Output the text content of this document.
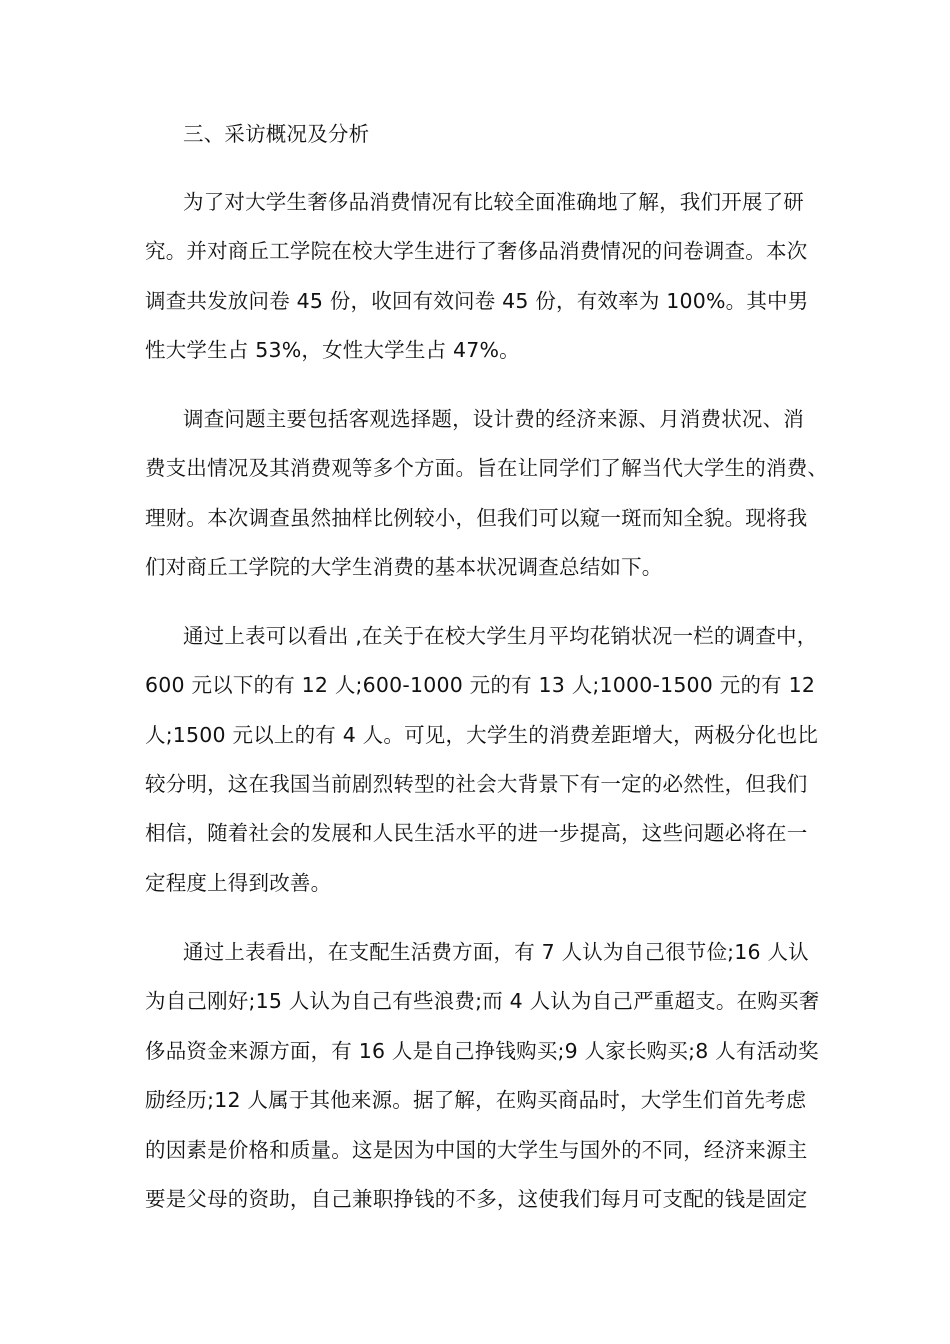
三、采访概况及分析
为了对大学生奢侈品消费情况有比较全面准确地了解，我们开展了研
究。并对商丘工学院在校大学生进行了奢侈品消费情况的问卷调查。本次
调查共发放问卷 45 份，收回有效问卷 45 份，有效率为 100%。其中男
性大学生占 53%，女性大学生占 47%。
调查问题主要包括客观选择题，设计费的经济来源、月消费状况、消
费支出情况及其消费观等多个方面。旨在让同学们了解当代大学生的消费、
理财。本次调查虽然抽样比例较小，但我们可以窥一斑而知全貌。现将我
们对商丘工学院的大学生消费的基本状况调查总结如下。
通过上表可以看出 ,在关于在校大学生月平均花销状况一栏的调查中，
600 元以下的有 12 人;600-1000 元的有 13 人;1000-1500 元的有 12
人;1500 元以上的有 4 人。可见，大学生的消费差距增大，两极分化也比
较分明，这在我国当前剧烈转型的社会大背景下有一定的必然性，但我们
相信，随着社会的发展和人民生活水平的进一步提高，这些问题必将在一
定程度上得到改善。
通过上表看出，在支配生活费方面，有 7 人认为自己很节俭;16 人认
为自己刚好;15 人认为自己有些浪费;而 4 人认为自己严重超支。在购买奢
侈品资金来源方面，有 16 人是自己挣钱购买;9 人家长购买;8 人有活动奖
励经历;12 人属于其他来源。据了解，在购买商品时，大学生们首先考虑
的因素是价格和质量。这是因为中国的大学生与国外的不同，经济来源主
要是父母的资助，自己兼职挣钱的不多，这使我们每月可支配的钱是固定
